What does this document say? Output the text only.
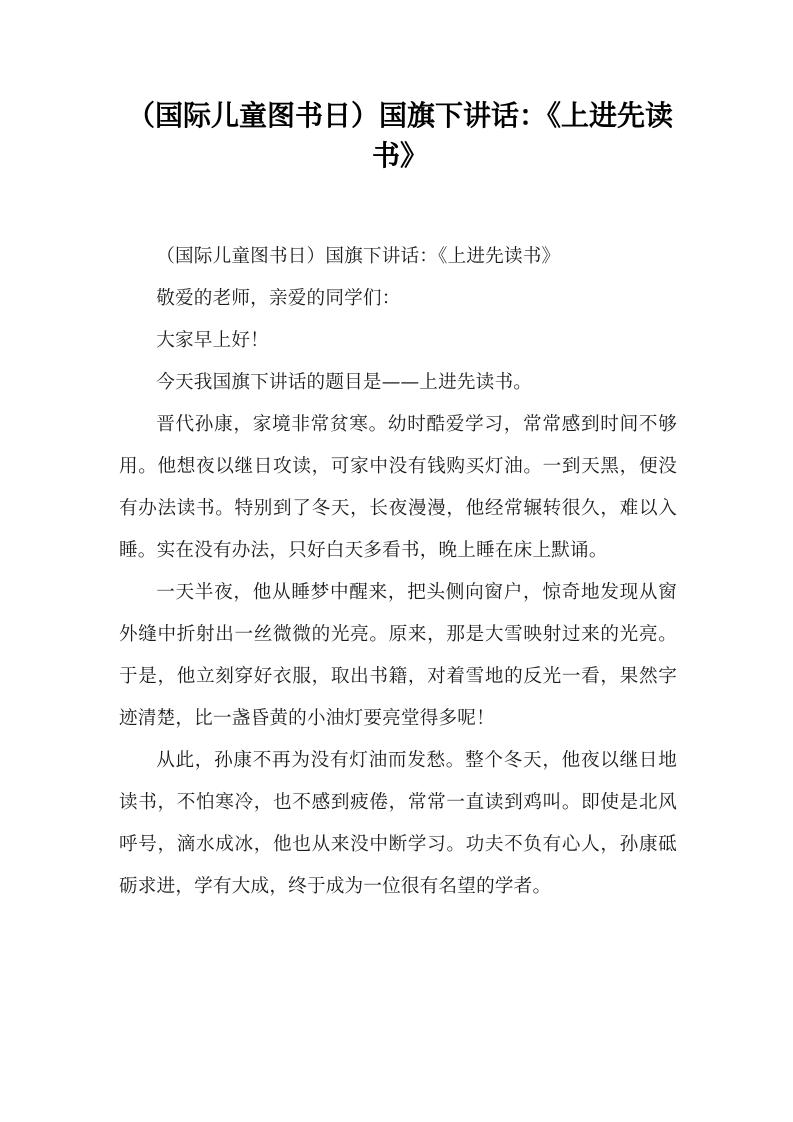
（国际儿童图书日）国旗下讲话：《上进先读书》

（国际儿童图书日）国旗下讲话：《上进先读书》

敬爱的老师，亲爱的同学们：

大家早上好！

今天我国旗下讲话的题目是——上进先读书。

晋代孙康，家境非常贫寒。幼时酷爱学习，常常感到时间不够用。他想夜以继日攻读，可家中没有钱购买灯油。一到天黑，便没有办法读书。特别到了冬天，长夜漫漫，他经常辗转很久，难以入睡。实在没有办法，只好白天多看书，晚上睡在床上默诵。

一天半夜，他从睡梦中醒来，把头侧向窗户，惊奇地发现从窗外缝中折射出一丝微微的光亮。原来，那是大雪映射过来的光亮。于是，他立刻穿好衣服，取出书籍，对着雪地的反光一看，果然字迹清楚，比一盏昏黄的小油灯要亮堂得多呢！

从此，孙康不再为没有灯油而发愁。整个冬天，他夜以继日地读书，不怕寒冷，也不感到疲倦，常常一直读到鸡叫。即使是北风呼号，滴水成冰，他也从来没中断学习。功夫不负有心人，孙康砥砺求进，学有大成，终于成为一位很有名望的学者。
